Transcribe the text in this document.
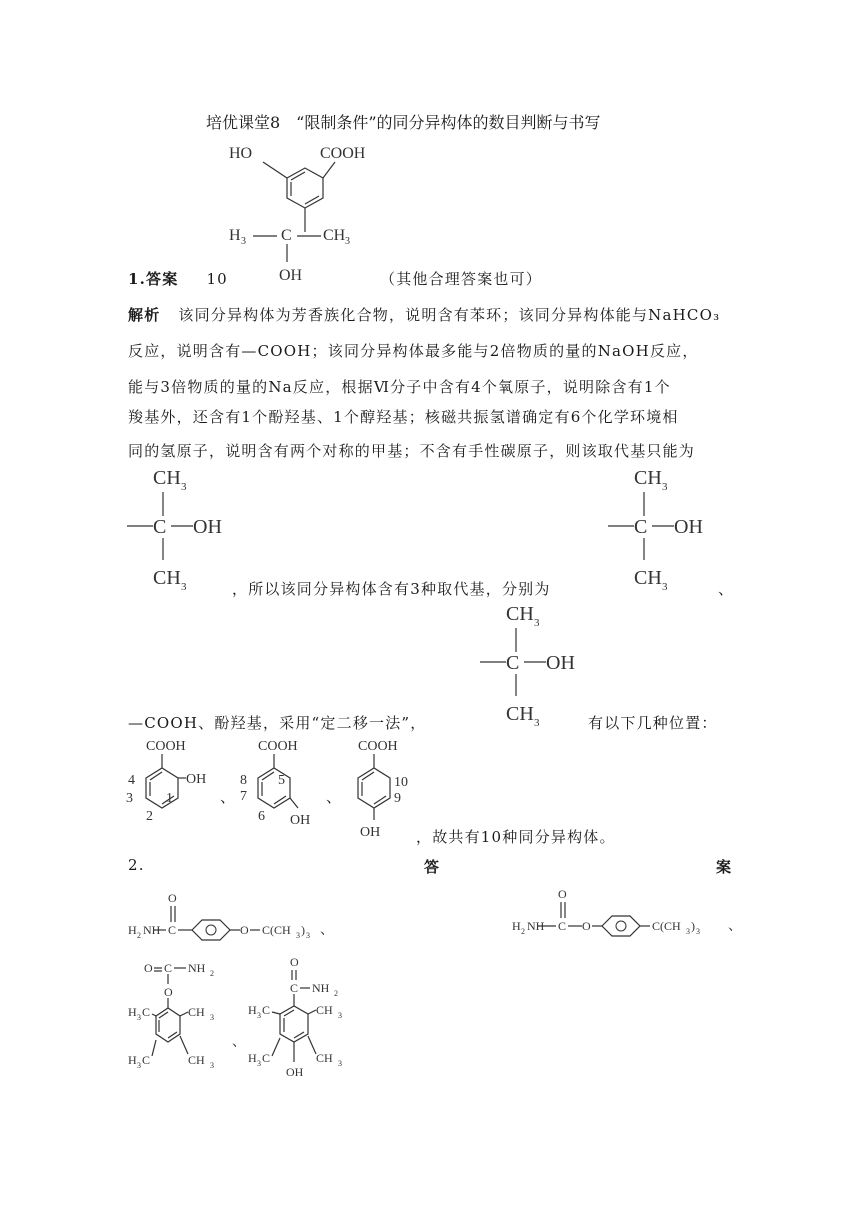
培优课堂8　“限制条件”的同分异构体的数目判断与书写
HO	COOH
H 3 C CH 3
OH
1.答案 10	（其他合理答案也可）
解析 该同分异构体为芳香族化合物，说明含有苯环；该同分异构体能与NaHCO₃
反应，说明含有—COOH；该同分异构体最多能与2倍物质的量的NaOH反应，
能与3倍物质的量的Na反应，根据Ⅵ分子中含有4个氧原子，说明除含有1个
羧基外，还含有1个酚羟基、1个醇羟基；核磁共振氢谱确定有6个化学环境相
同的氢原子，说明含有两个对称的甲基；不含有手性碳原子，则该取代基只能为
CH 3
C OH
CH 3	，所以该同分异构体含有3种取代基，分别为
CH 3
C OH
CH 3	、
CH 3
C OH
CH 3
—COOH、酚羟基，采用“定二移一法”，	有以下几种位置：
COOH
OH
4
3 1
2
、
COOH
OH
8
7
5
6
、
COOH
OH
10
9
，故共有10种同分异构体。
2.	答	案
O
H 2 NH C	O C(CH 3 ) 3 、
O
H 2 NH C O	C(CH 3 ) 3 、
O C NH 2
O
H 3 C	CH 3
H 3 C	CH 3
、
O
C NH 2
H 3 C	CH 3
H 3 C	CH 3
OH
